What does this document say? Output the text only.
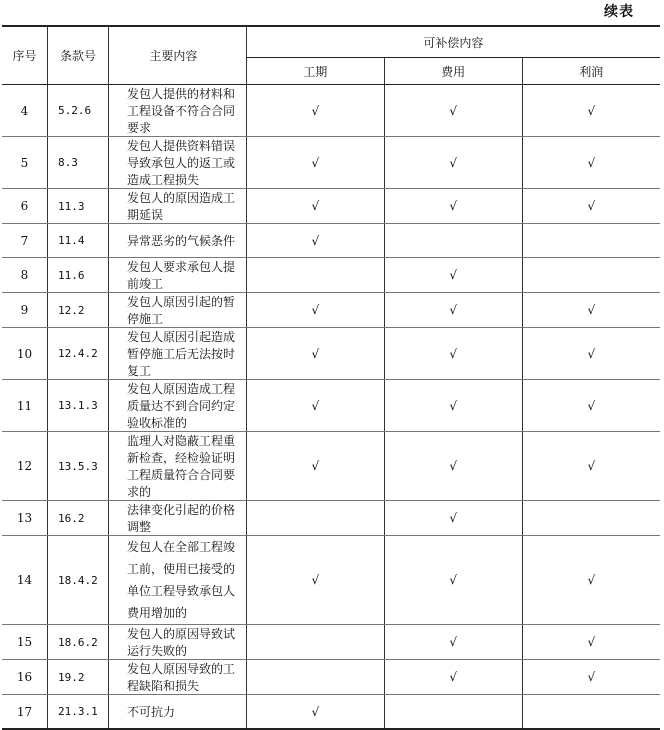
续表
序号	条款号	主要内容	可补偿内容		
			工期	费用	利润
4	5.2.6	发包人提供的材料和工程设备不符合合同要求	√	√	√
5	8.3	发包人提供资料错误导致承包人的返工或造成工程损失	√	√	√
6	11.3	发包人的原因造成工期延误	√	√	√
7	11.4	异常恶劣的气候条件	√		
8	11.6	发包人要求承包人提前竣工		√	
9	12.2	发包人原因引起的暂停施工	√	√	√
10	12.4.2	发包人原因引起造成暂停施工后无法按时复工	√	√	√
11	13.1.3	发包人原因造成工程质量达不到合同约定验收标准的	√	√	√
12	13.5.3	监理人对隐蔽工程重新检查，经检验证明工程质量符合合同要求的	√	√	√
13	16.2	法律变化引起的价格调整		√	
14	18.4.2	发包人在全部工程竣工前，使用已接受的单位工程导致承包人费用增加的	√	√	√
15	18.6.2	发包人的原因导致试运行失败的		√	√
16	19.2	发包人原因导致的工程缺陷和损失		√	√
17	21.3.1	不可抗力	√		
